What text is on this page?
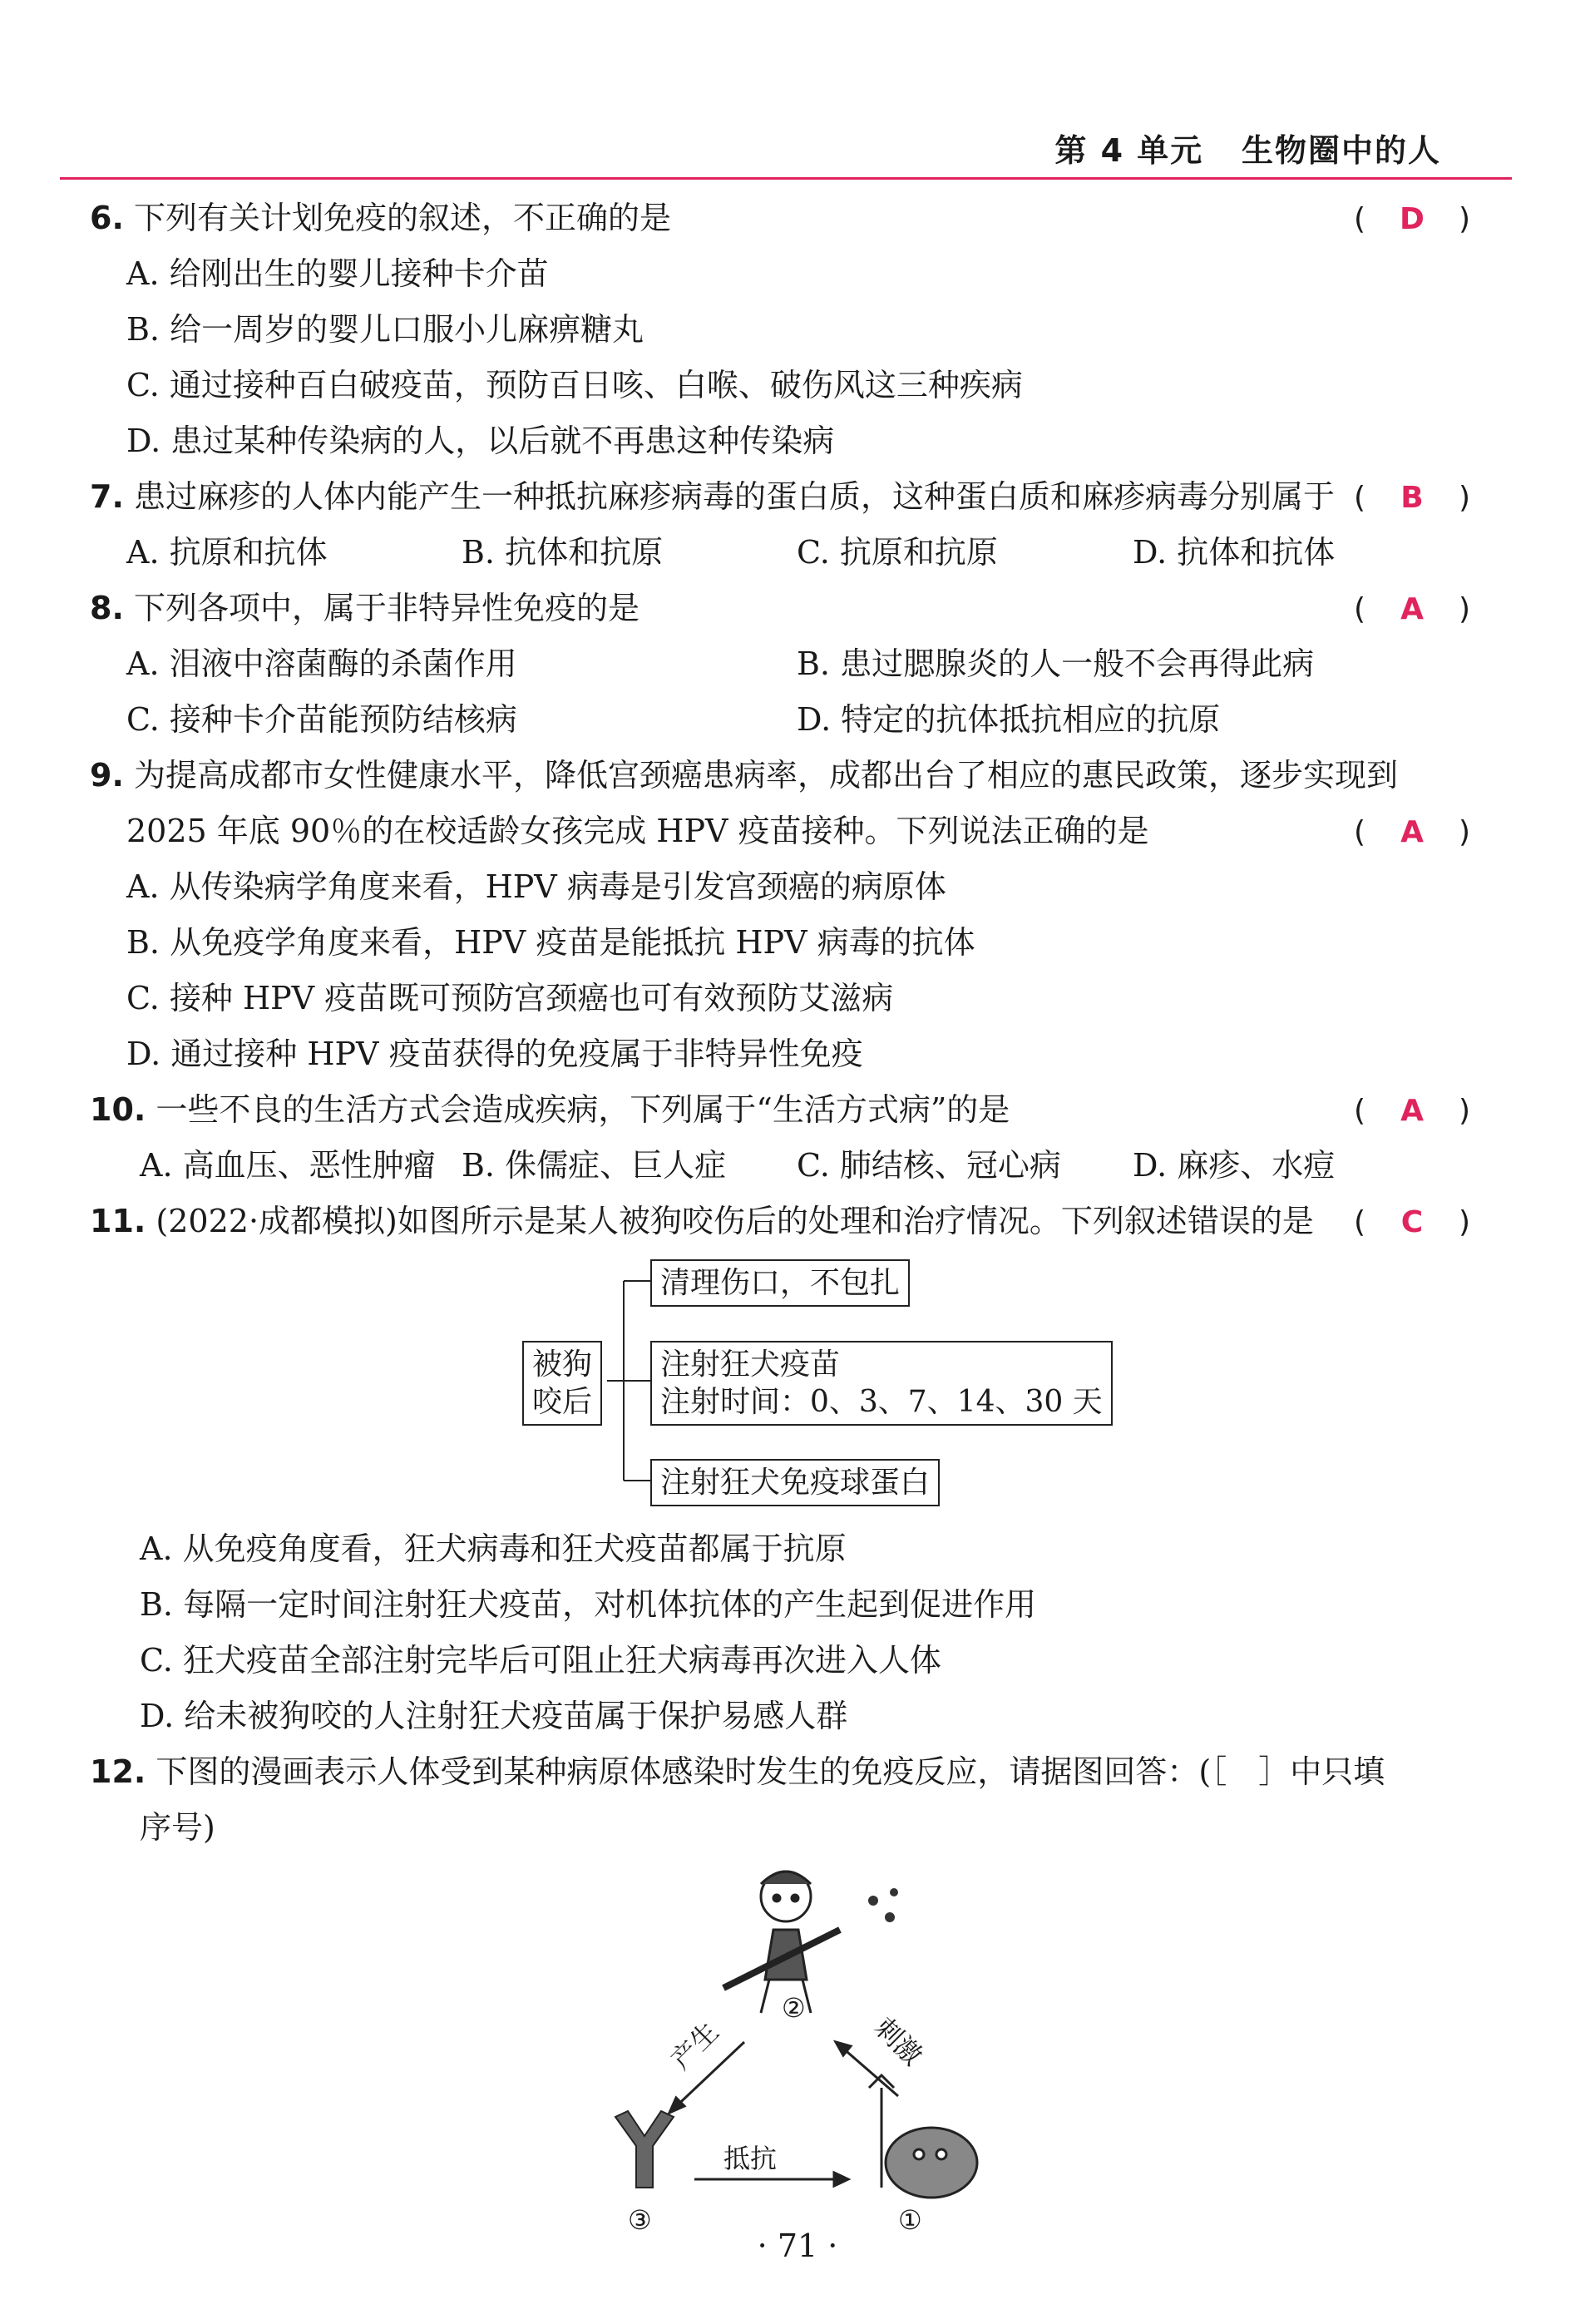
第 4 单元 生物圈中的人
6. 下列有关计划免疫的叙述，不正确的是	( D )
A. 给刚出生的婴儿接种卡介苗
B. 给一周岁的婴儿口服小儿麻痹糖丸
C. 通过接种百白破疫苗，预防百日咳、白喉、破伤风这三种疾病
D. 患过某种传染病的人，以后就不再患这种传染病
7. 患过麻疹的人体内能产生一种抵抗麻疹病毒的蛋白质，这种蛋白质和麻疹病毒分别属于 ( B )
A. 抗原和抗体	B. 抗体和抗原	C. 抗原和抗原	D. 抗体和抗体
8. 下列各项中，属于非特异性免疫的是	( A )
A. 泪液中溶菌酶的杀菌作用	B. 患过腮腺炎的人一般不会再得此病
C. 接种卡介苗能预防结核病	D. 特定的抗体抵抗相应的抗原
9. 为提高成都市女性健康水平，降低宫颈癌患病率，成都出台了相应的惠民政策，逐步实现到
2025 年底 90％的在校适龄女孩完成 HPV 疫苗接种。下列说法正确的是	( A )
A. 从传染病学角度来看，HPV 病毒是引发宫颈癌的病原体
B. 从免疫学角度来看，HPV 疫苗是能抵抗 HPV 病毒的抗体
C. 接种 HPV 疫苗既可预防宫颈癌也可有效预防艾滋病
D. 通过接种 HPV 疫苗获得的免疫属于非特异性免疫
10. 一些不良的生活方式会造成疾病，下列属于“生活方式病”的是	( A )
A. 高血压、恶性肿瘤 B. 侏儒症、巨人症 C. 肺结核、冠心病 D. 麻疹、水痘
11. (2022·成都模拟)如图所示是某人被狗咬伤后的处理和治疗情况。下列叙述错误的是 ( C )
被狗
咬后
清理伤口，不包扎
注射狂犬疫苗
注射时间：0、3、7、14、30 天
注射狂犬免疫球蛋白
A. 从免疫角度看，狂犬病毒和狂犬疫苗都属于抗原
B. 每隔一定时间注射狂犬疫苗，对机体抗体的产生起到促进作用
C. 狂犬疫苗全部注射完毕后可阻止狂犬病毒再次进入人体
D. 给未被狗咬的人注射狂犬疫苗属于保护易感人群
12. 下图的漫画表示人体受到某种病原体感染时发生的免疫反应，请据图回答：(［　］中只填
序号)
产生	刺激
抵抗
②
③	①
· 71 ·
